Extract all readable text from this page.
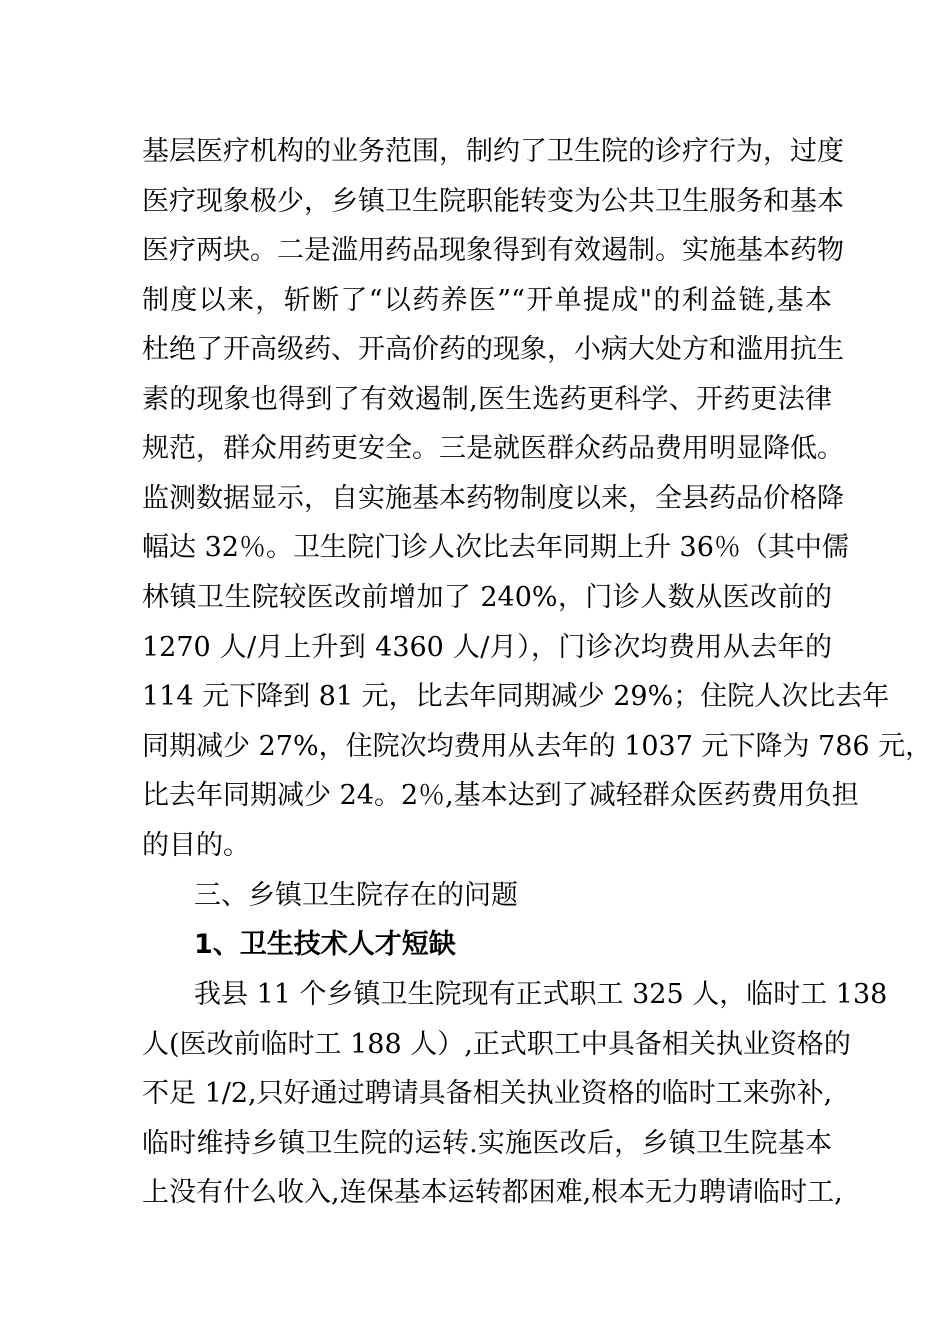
基层医疗机构的业务范围，制约了卫生院的诊疗行为，过度
医疗现象极少，乡镇卫生院职能转变为公共卫生服务和基本
医疗两块。二是滥用药品现象得到有效遏制。实施基本药物
制度以来，斩断了“以药养医”“开单提成"的利益链,基本
杜绝了开高级药、开高价药的现象，小病大处方和滥用抗生
素的现象也得到了有效遏制,医生选药更科学、开药更法律
规范，群众用药更安全。三是就医群众药品费用明显降低。
监测数据显示，自实施基本药物制度以来，全县药品价格降
幅达 32％。卫生院门诊人次比去年同期上升 36％（其中儒
林镇卫生院较医改前增加了 240%，门诊人数从医改前的
1270 人/月上升到 4360 人/月），门诊次均费用从去年的
114 元下降到 81 元，比去年同期减少 29%；住院人次比去年
同期减少 27%，住院次均费用从去年的 1037 元下降为 786 元，
比去年同期减少 24。2％,基本达到了减轻群众医药费用负担
的目的。
三、乡镇卫生院存在的问题
1、卫生技术人才短缺
我县 11 个乡镇卫生院现有正式职工 325 人，临时工 138
人(医改前临时工 188 人）,正式职工中具备相关执业资格的
不足 1/2,只好通过聘请具备相关执业资格的临时工来弥补,
临时维持乡镇卫生院的运转.实施医改后，乡镇卫生院基本
上没有什么收入,连保基本运转都困难,根本无力聘请临时工,
